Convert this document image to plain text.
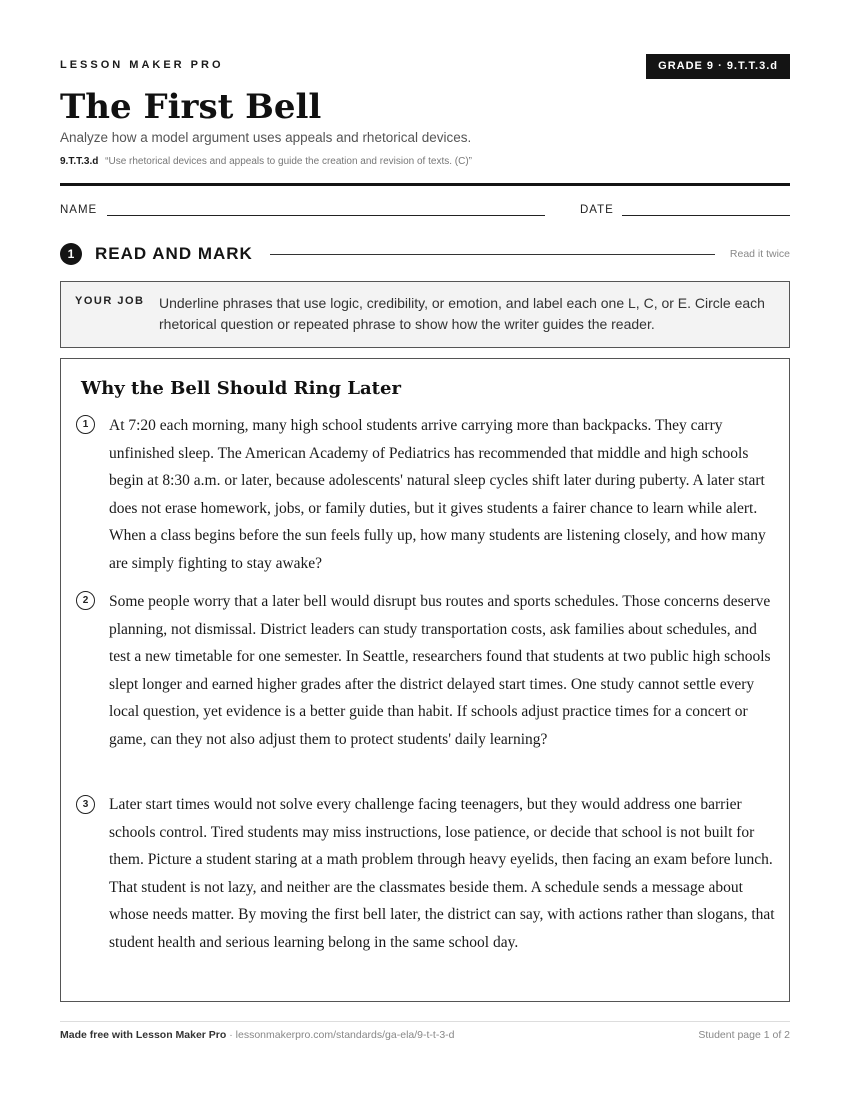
LESSON MAKER PRO	GRADE 9 · 9.T.T.3.d
The First Bell
Analyze how a model argument uses appeals and rhetorical devices.
9.T.T.3.d “Use rhetorical devices and appeals to guide the creation and revision of texts. (C)”
NAME	DATE
1	READ AND MARK	Read it twice
YOUR JOB Underline phrases that use logic, credibility, or emotion, and label each one L, C, or E. Circle each rhetorical question or repeated phrase to show how the writer guides the reader.
Why the Bell Should Ring Later
1	At 7:20 each morning, many high school students arrive carrying more than backpacks. They carry unfinished sleep. The American Academy of Pediatrics has recommended that middle and high schools begin at 8:30 a.m. or later, because adolescents' natural sleep cycles shift later during puberty. A later start does not erase homework, jobs, or family duties, but it gives students a fairer chance to learn while alert. When a class begins before the sun feels fully up, how many students are listening closely, and how many are simply fighting to stay awake?

2	Some people worry that a later bell would disrupt bus routes and sports schedules. Those concerns deserve planning, not dismissal. District leaders can study transportation costs, ask families about schedules, and test a new timetable for one semester. In Seattle, researchers found that students at two public high schools slept longer and earned higher grades after the district delayed start times. One study cannot settle every local question, yet evidence is a better guide than habit. If schools adjust practice times for a concert or game, can they not also adjust them to protect students' daily learning?

3	Later start times would not solve every challenge facing teenagers, but they would address one barrier schools control. Tired students may miss instructions, lose patience, or decide that school is not built for them. Picture a student staring at a math problem through heavy eyelids, then facing an exam before lunch. That student is not lazy, and neither are the classmates beside them. A schedule sends a message about whose needs matter. By moving the first bell later, the district can say, with actions rather than slogans, that student health and serious learning belong in the same school day.

Made free with Lesson Maker Pro · lessonmakerpro.com/standards/ga-ela/9-t-t-3-d	Student page 1 of 2
